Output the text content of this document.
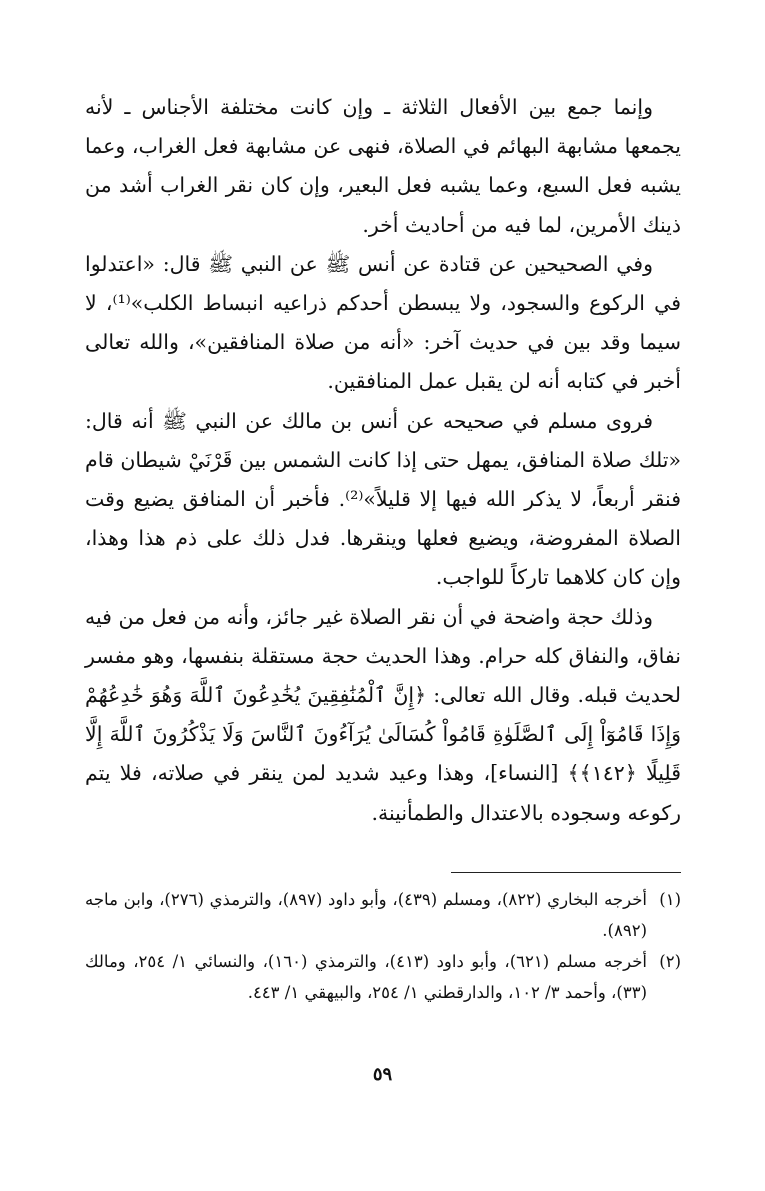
وإنما جمع بين الأفعال الثلاثة ـ وإن كانت مختلفة الأجناس ـ لأنه يجمعها مشابهة البهائم في الصلاة، فنهى عن مشابهة فعل الغراب، وعما يشبه فعل السبع، وعما يشبه فعل البعير، وإن كان نقر الغراب أشد من ذينك الأمرين، لما فيه من أحاديث أخر.

وفي الصحيحين عن قتادة عن أنس ﷺ عن النبي ﷺ قال: «اعتدلوا في الركوع والسجود، ولا يبسطن أحدكم ذراعيه انبساط الكلب»⁽¹⁾، لا سيما وقد بين في حديث آخر: «أنه من صلاة المنافقين»، والله تعالى أخبر في كتابه أنه لن يقبل عمل المنافقين.

فروى مسلم في صحيحه عن أنس بن مالك عن النبي ﷺ أنه قال: «تلك صلاة المنافق، يمهل حتى إذا كانت الشمس بين قَرْنَيْ شيطان قام فنقر أربعاً، لا يذكر الله فيها إلا قليلاً»⁽²⁾. فأخبر أن المنافق يضيع وقت الصلاة المفروضة، ويضيع فعلها وينقرها. فدل ذلك على ذم هذا وهذا، وإن كان كلاهما تاركاً للواجب.

وذلك حجة واضحة في أن نقر الصلاة غير جائز، وأنه من فعل من فيه نفاق، والنفاق كله حرام. وهذا الحديث حجة مستقلة بنفسها، وهو مفسر لحديث قبله. وقال الله تعالى: ﴿إِنَّ ٱلْمُنَٰفِقِينَ يُخَٰدِعُونَ ٱللَّهَ وَهُوَ خَٰدِعُهُمْ وَإِذَا قَامُوٓاْ إِلَى ٱلصَّلَوٰةِ قَامُواْ كُسَالَىٰ يُرَآءُونَ ٱلنَّاسَ وَلَا يَذْكُرُونَ ٱللَّهَ إِلَّا قَلِيلًا ﴿١٤٢﴾﴾ [النساء]، وهذا وعيد شديد لمن ينقر في صلاته، فلا يتم ركوعه وسجوده بالاعتدال والطمأنينة.

(١)
أخرجه البخاري (٨٢٢)، ومسلم (٤٣٩)، وأبو داود (٨٩٧)، والترمذي (٢٧٦)، وابن ماجه (٨٩٢).
(٢)
أخرجه مسلم (٦٢١)، وأبو داود (٤١٣)، والترمذي (١٦٠)، والنسائي ١/ ٢٥٤، ومالك (٣٣)، وأحمد ٣/ ١٠٢، والدارقطني ١/ ٢٥٤، والبيهقي ١/ ٤٤٣.
٥٩
